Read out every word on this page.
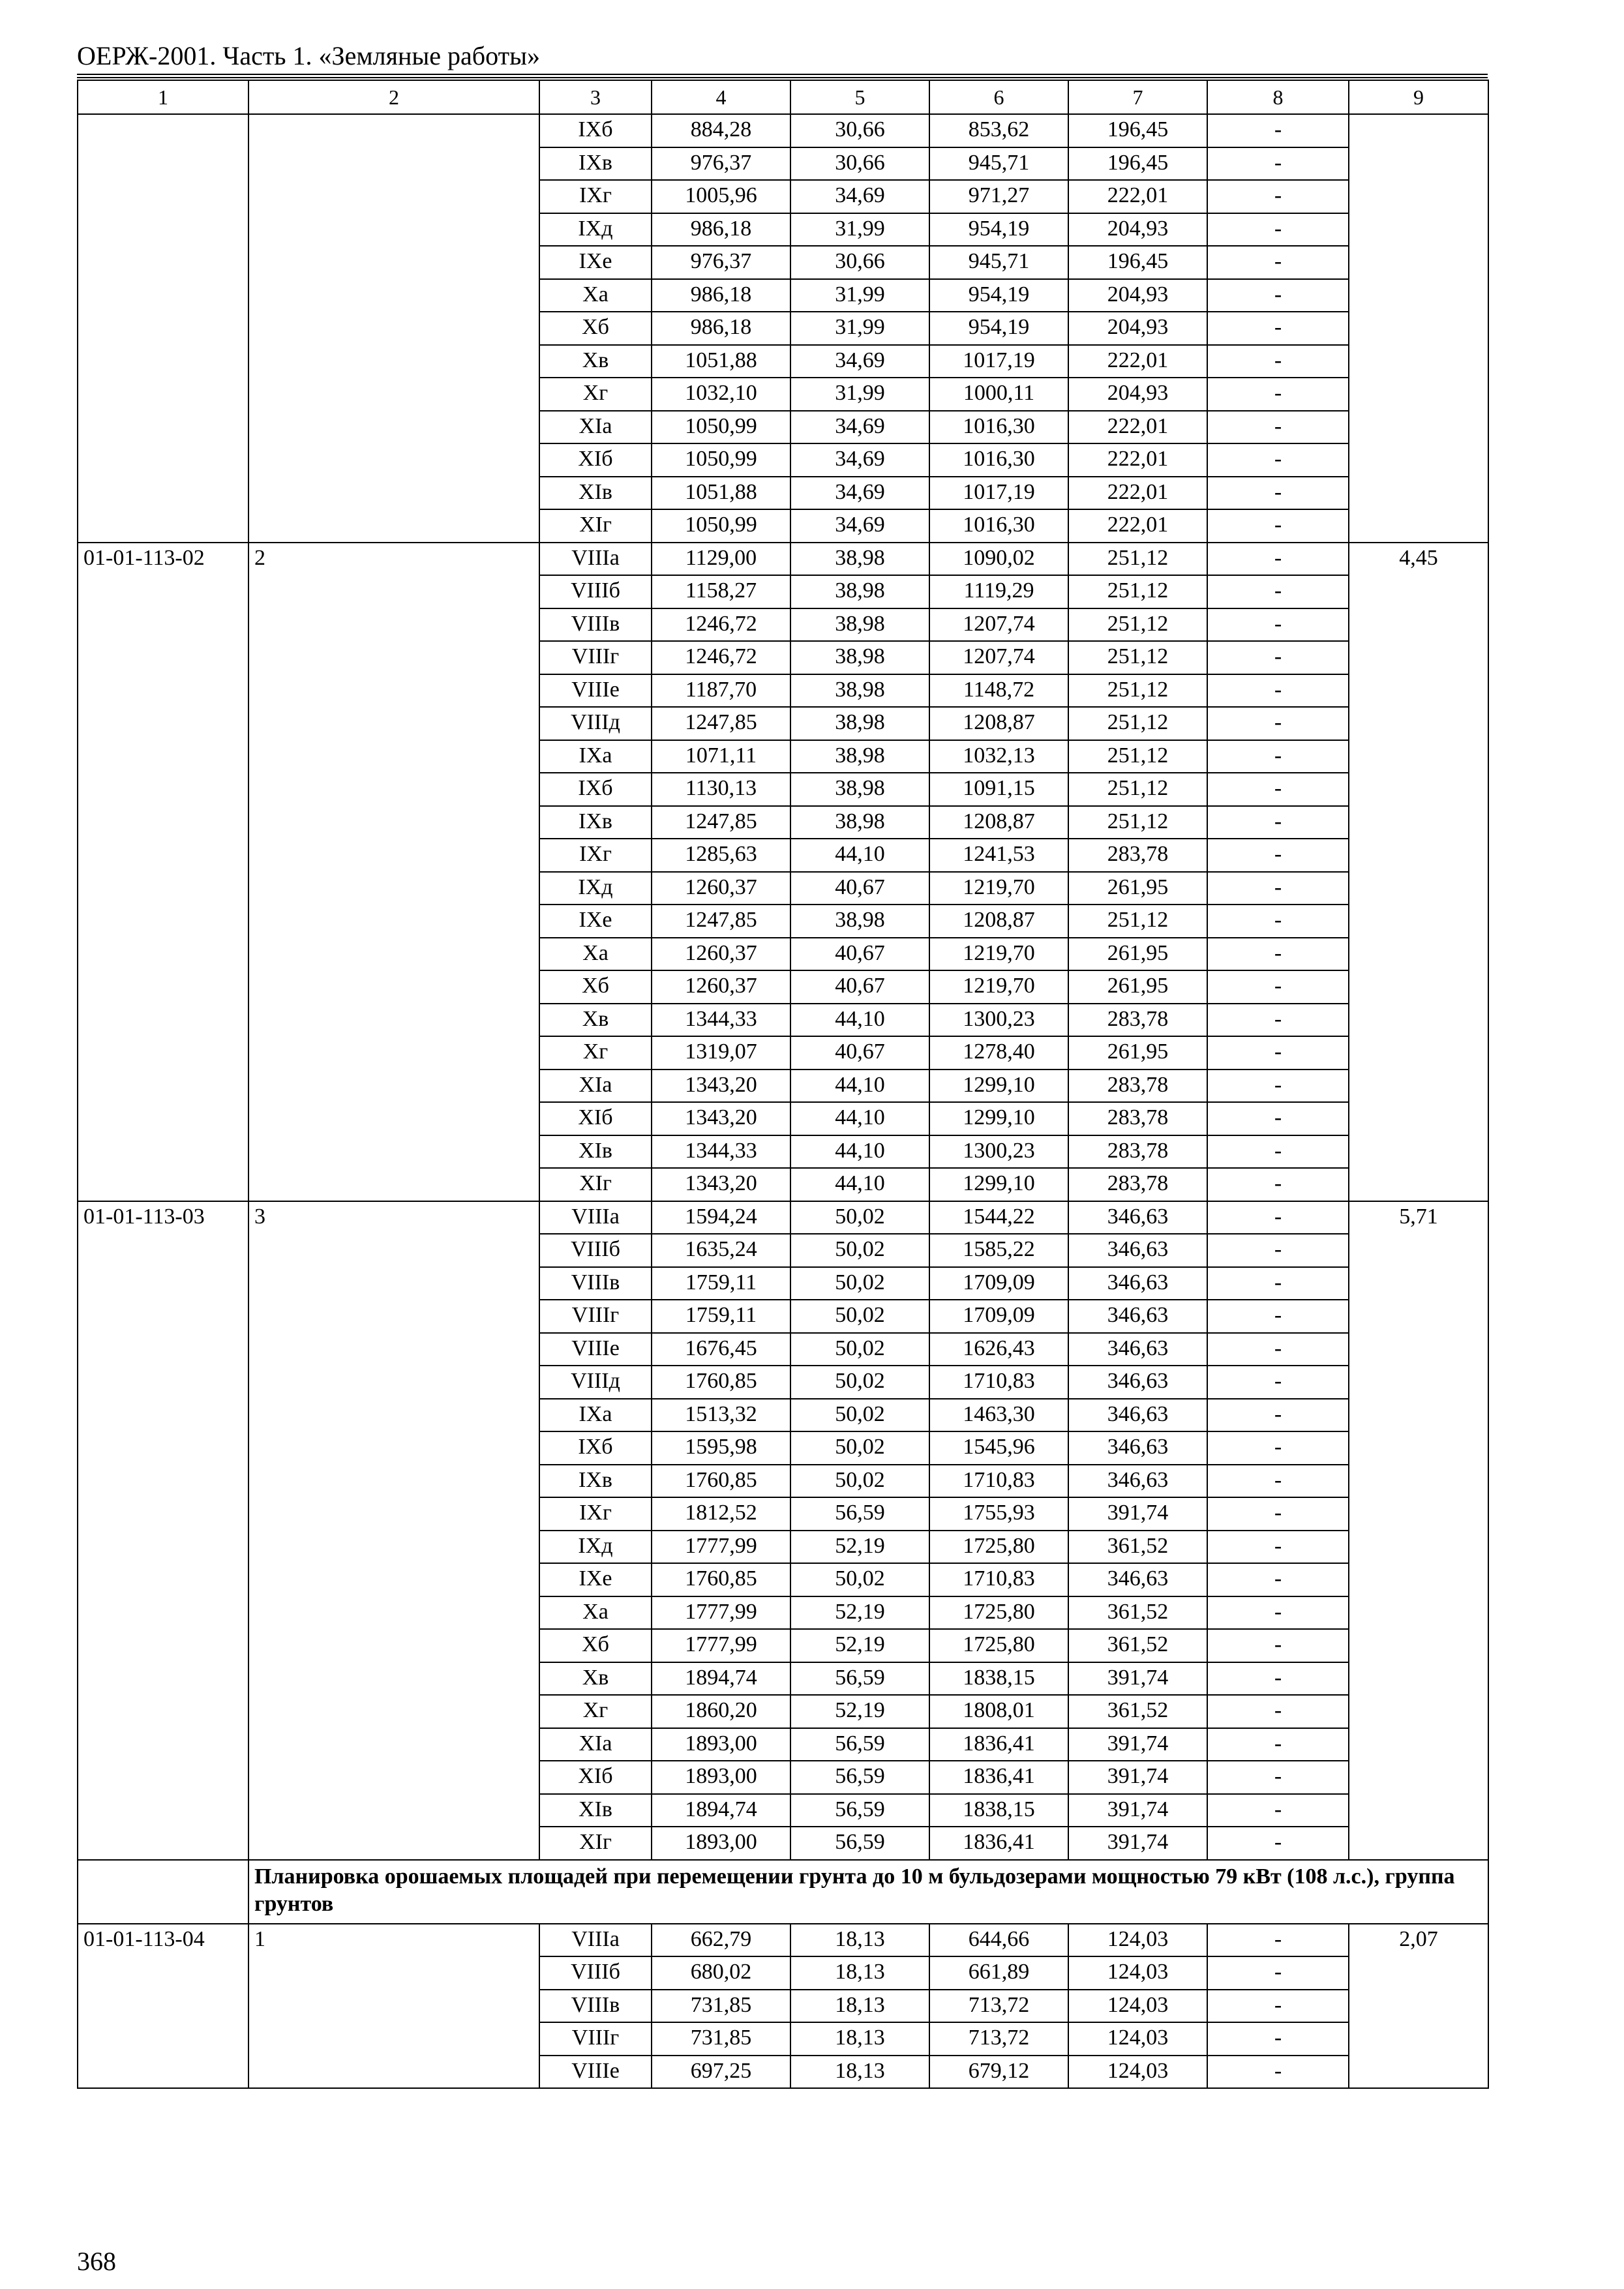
ОЕРЖ-2001. Часть 1. «Земляные работы»
1	2	3	4	5	6	7	8	9
		IXб	884,28	30,66	853,62	196,45	-	
		IXв	976,37	30,66	945,71	196,45	-	
		IXг	1005,96	34,69	971,27	222,01	-	
		IXд	986,18	31,99	954,19	204,93	-	
		IXе	976,37	30,66	945,71	196,45	-	
		Xа	986,18	31,99	954,19	204,93	-	
		Xб	986,18	31,99	954,19	204,93	-	
		Xв	1051,88	34,69	1017,19	222,01	-	
		Xг	1032,10	31,99	1000,11	204,93	-	
		XIа	1050,99	34,69	1016,30	222,01	-	
		XIб	1050,99	34,69	1016,30	222,01	-	
		XIв	1051,88	34,69	1017,19	222,01	-	
		XIг	1050,99	34,69	1016,30	222,01	-	
01-01-113-02	2	VIIIа	1129,00	38,98	1090,02	251,12	-	4,45
		VIIIб	1158,27	38,98	1119,29	251,12	-	
		VIIIв	1246,72	38,98	1207,74	251,12	-	
		VIIIг	1246,72	38,98	1207,74	251,12	-	
		VIIIе	1187,70	38,98	1148,72	251,12	-	
		VIIIд	1247,85	38,98	1208,87	251,12	-	
		IXа	1071,11	38,98	1032,13	251,12	-	
		IXб	1130,13	38,98	1091,15	251,12	-	
		IXв	1247,85	38,98	1208,87	251,12	-	
		IXг	1285,63	44,10	1241,53	283,78	-	
		IXд	1260,37	40,67	1219,70	261,95	-	
		IXе	1247,85	38,98	1208,87	251,12	-	
		Xа	1260,37	40,67	1219,70	261,95	-	
		Xб	1260,37	40,67	1219,70	261,95	-	
		Xв	1344,33	44,10	1300,23	283,78	-	
		Xг	1319,07	40,67	1278,40	261,95	-	
		XIа	1343,20	44,10	1299,10	283,78	-	
		XIб	1343,20	44,10	1299,10	283,78	-	
		XIв	1344,33	44,10	1300,23	283,78	-	
		XIг	1343,20	44,10	1299,10	283,78	-	
01-01-113-03	3	VIIIа	1594,24	50,02	1544,22	346,63	-	5,71
		VIIIб	1635,24	50,02	1585,22	346,63	-	
		VIIIв	1759,11	50,02	1709,09	346,63	-	
		VIIIг	1759,11	50,02	1709,09	346,63	-	
		VIIIе	1676,45	50,02	1626,43	346,63	-	
		VIIIд	1760,85	50,02	1710,83	346,63	-	
		IXа	1513,32	50,02	1463,30	346,63	-	
		IXб	1595,98	50,02	1545,96	346,63	-	
		IXв	1760,85	50,02	1710,83	346,63	-	
		IXг	1812,52	56,59	1755,93	391,74	-	
		IXд	1777,99	52,19	1725,80	361,52	-	
		IXе	1760,85	50,02	1710,83	346,63	-	
		Xа	1777,99	52,19	1725,80	361,52	-	
		Xб	1777,99	52,19	1725,80	361,52	-	
		Xв	1894,74	56,59	1838,15	391,74	-	
		Xг	1860,20	52,19	1808,01	361,52	-	
		XIа	1893,00	56,59	1836,41	391,74	-	
		XIб	1893,00	56,59	1836,41	391,74	-	
		XIв	1894,74	56,59	1838,15	391,74	-	
		XIг	1893,00	56,59	1836,41	391,74	-	
	Планировка орошаемых площадей при перемещении грунта до 10 м бульдозерами мощностью 79 кВт (108 л.с.), группа грунтов							
01-01-113-04	1	VIIIа	662,79	18,13	644,66	124,03	-	2,07
		VIIIб	680,02	18,13	661,89	124,03	-	
		VIIIв	731,85	18,13	713,72	124,03	-	
		VIIIг	731,85	18,13	713,72	124,03	-	
		VIIIе	697,25	18,13	679,12	124,03	-	
368
